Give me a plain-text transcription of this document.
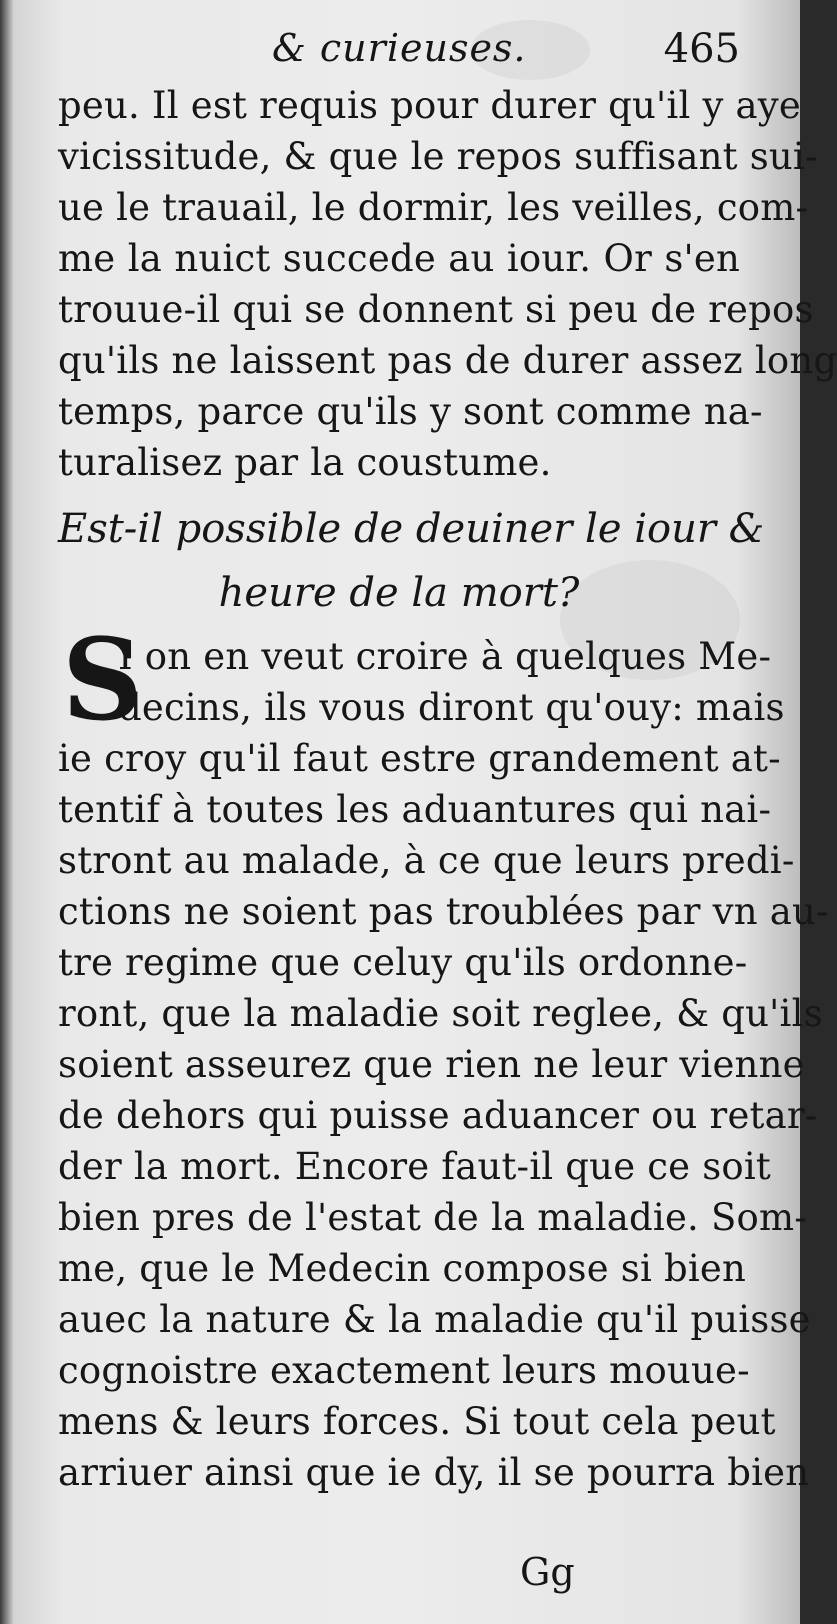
& curieuses.	465
peu. Il est requis pour durer qu'il y aye
vicissitude, & que le repos suffisant sui-
ue le trauail, le dormir, les veilles, com-
me la nuict succede au iour. Or s'en
trouue-il qui se donnent si peu de repos
qu'ils ne laissent pas de durer assez long
temps, parce qu'ils y sont comme na-
turalisez par la coustume.
Est-il possible de deuiner le iour &
heure de la mort?
S
I on en veut croire à quelques Me-
decins, ils vous diront qu'ouy: mais
ie croy qu'il faut estre grandement at-
tentif à toutes les aduantures qui nai-
stront au malade, à ce que leurs predi-
ctions ne soient pas troublées par vn au-
tre regime que celuy qu'ils ordonne-
ront, que la maladie soit reglee, & qu'ils
soient asseurez que rien ne leur vienne
de dehors qui puisse aduancer ou retar-
der la mort. Encore faut-il que ce soit
bien pres de l'estat de la maladie. Som-
me, que le Medecin compose si bien
auec la nature & la maladie qu'il puisse
cognoistre exactement leurs mouue-
mens & leurs forces. Si tout cela peut
arriuer ainsi que ie dy, il se pourra bien
Gg
